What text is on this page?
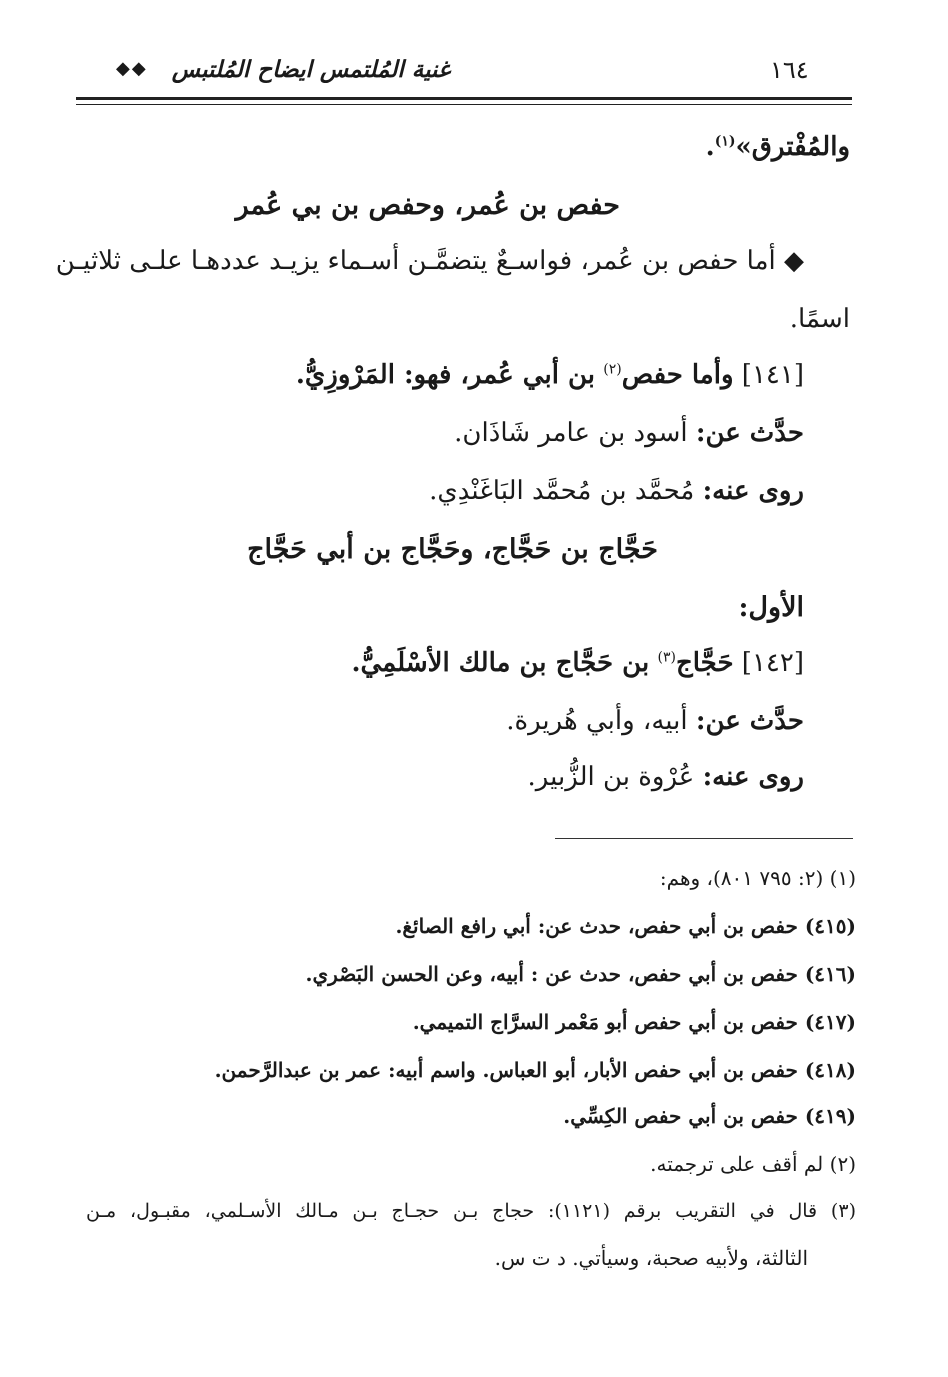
١٦٤
غنية المُلتمس ايضاح المُلتبس
◆◆
والمُفْترق»$^{(١)}$.
حفص بن عُمر، وحفص بن بي عُمر
◆ أما حفص بن عُمر، فواسـعٌ يتضمَّـن أسـماء يزيـد عددهـا علـى ثلاثيـن
اسمًا.
[١٤١] وأما حفص$^{(٢)}$ بن أبي عُمر، فهو: المَرْوزِيُّ.
حدَّث عن: أسود بن عامر شَاذَان.
روى عنه: مُحمَّد بن مُحمَّد البَاغَنْدِي.
حَجَّاج بن حَجَّاج، وحَجَّاج بن أبي حَجَّاج
الأول:
[١٤٢] حَجَّاج$^{(٣)}$ بن حَجَّاج بن مالك الأسْلَمِيُّ.
حدَّث عن: أبيه، وأبي هُريرة.
روى عنه: عُرْوة بن الزُّبير.
(١) (٢: ٧٩٥ ٨٠١)، وهم:
(٤١٥) حفص بن أبي حفص، حدث عن: أبي رافع الصائغ.
(٤١٦) حفص بن أبي حفص، حدث عن : أبيه، وعن الحسن البَصْري.
(٤١٧) حفص بن أبي حفص أبو مَعْمر السرَّاج التميمي.
(٤١٨) حفص بن أبي حفص الأبار، أبو العباس. واسم أبيه: عمر بن عبدالرَّحمن.
(٤١٩) حفص بن أبي حفص الكِسِّي.
(٢) لم أقف على ترجمته.
(٣) قال في التقريب برقم (١١٢١): حجاج بـن حجـاج بـن مـالك الأسـلمي، مقبـول، مـن
الثالثة، ولأبيه صحبة، وسيأتي. د ت س.
